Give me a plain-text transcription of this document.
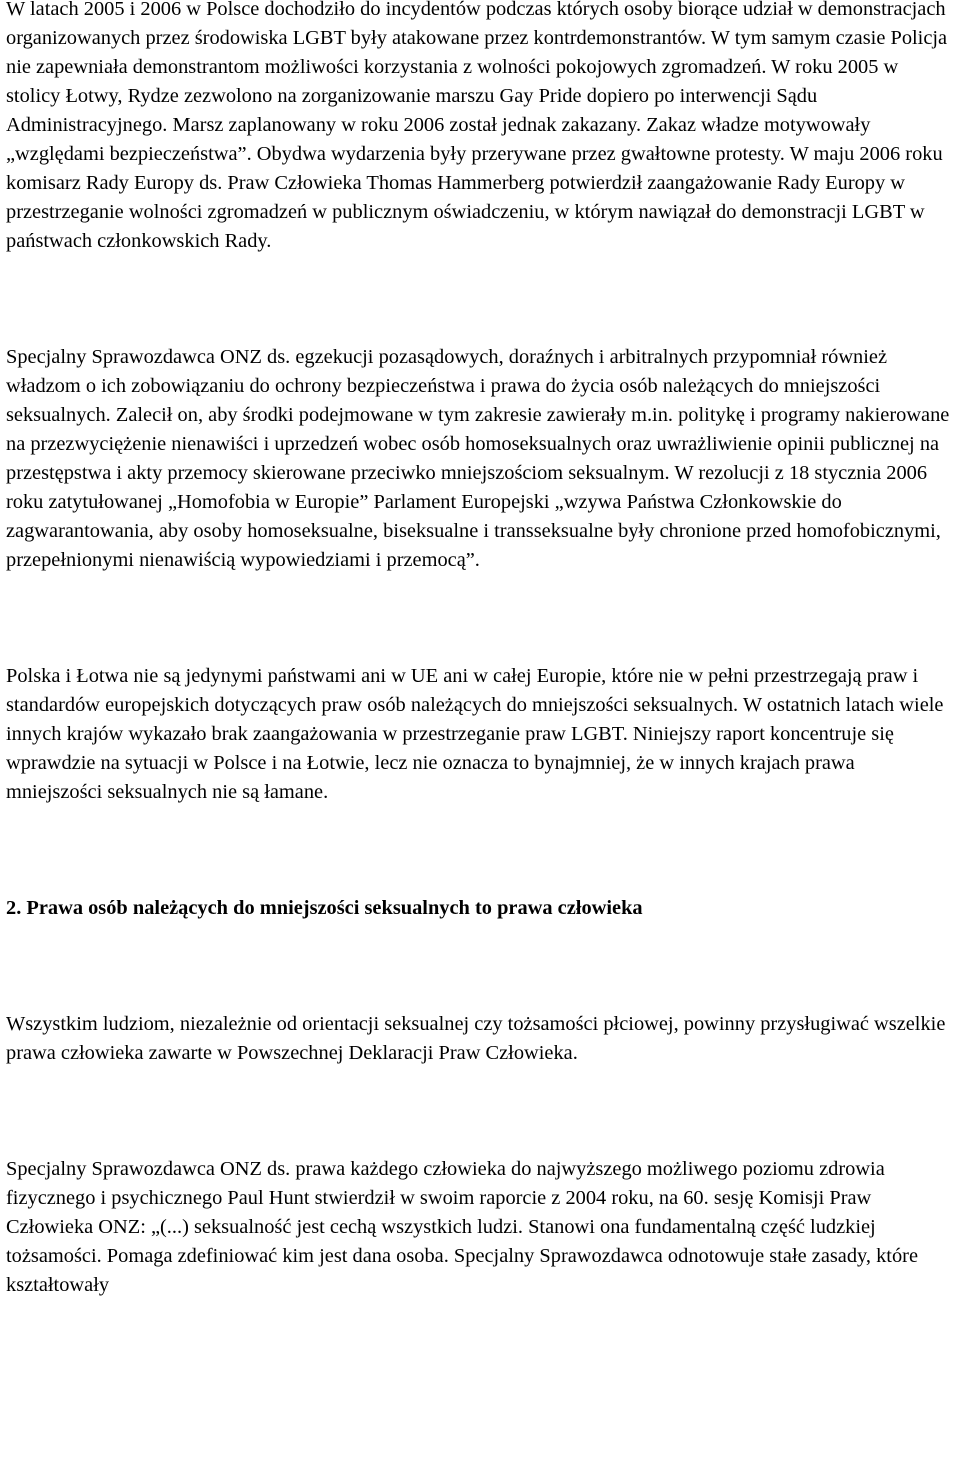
W latach 2005 i 2006 w Polsce dochodziło do incydentów podczas których osoby biorące udział w demonstracjach organizowanych przez środowiska LGBT były atakowane przez kontrdemonstrantów. W tym samym czasie Policja nie zapewniała demonstrantom możliwości korzystania z wolności pokojowych zgromadzeń. W roku 2005 w stolicy Łotwy, Rydze zezwolono na zorganizowanie marszu Gay Pride dopiero po interwencji Sądu Administracyjnego. Marsz zaplanowany w roku 2006 został jednak zakazany. Zakaz władze motywowały „względami bezpieczeństwa”. Obydwa wydarzenia były przerywane przez gwałtowne protesty. W maju 2006 roku komisarz Rady Europy ds. Praw Człowieka Thomas Hammerberg potwierdził zaangażowanie Rady Europy w przestrzeganie wolności zgromadzeń w publicznym oświadczeniu, w którym nawiązał do demonstracji LGBT w państwach członkowskich Rady.

Specjalny Sprawozdawca ONZ ds. egzekucji pozasądowych, doraźnych i arbitralnych przypomniał również władzom o ich zobowiązaniu do ochrony bezpieczeństwa i prawa do życia osób należących do mniejszości seksualnych. Zalecił on, aby środki podejmowane w tym zakresie zawierały m.in. politykę i programy nakierowane na przezwyciężenie nienawiści i uprzedzeń wobec osób homoseksualnych oraz uwrażliwienie opinii publicznej na przestępstwa i akty przemocy skierowane przeciwko mniejszościom seksualnym. W rezolucji z 18 stycznia 2006 roku zatytułowanej „Homofobia w Europie” Parlament Europejski „wzywa Państwa Członkowskie do zagwarantowania, aby osoby homoseksualne, biseksualne i transseksualne były chronione przed homofobicznymi, przepełnionymi nienawiścią wypowiedziami i przemocą”.

Polska i Łotwa nie są jedynymi państwami ani w UE ani w całej Europie, które nie w pełni przestrzegają praw i standardów europejskich dotyczących praw osób należących do mniejszości seksualnych. W ostatnich latach wiele innych krajów wykazało brak zaangażowania w przestrzeganie praw LGBT. Niniejszy raport koncentruje się wprawdzie na sytuacji w Polsce i na Łotwie, lecz nie oznacza to bynajmniej, że w innych krajach prawa mniejszości seksualnych nie są łamane.

2. Prawa osób należących do mniejszości seksualnych to prawa człowieka

Wszystkim ludziom, niezależnie od orientacji seksualnej czy tożsamości płciowej, powinny przysługiwać wszelkie prawa człowieka zawarte w Powszechnej Deklaracji Praw Człowieka.

Specjalny Sprawozdawca ONZ ds. prawa każdego człowieka do najwyższego możliwego poziomu zdrowia fizycznego i psychicznego Paul Hunt stwierdził w swoim raporcie z 2004 roku, na 60. sesję Komisji Praw Człowieka ONZ: „(...) seksualność jest cechą wszystkich ludzi. Stanowi ona fundamentalną część ludzkiej tożsamości. Pomaga zdefiniować kim jest dana osoba. Specjalny Sprawozdawca odnotowuje stałe zasady, które kształtowały
